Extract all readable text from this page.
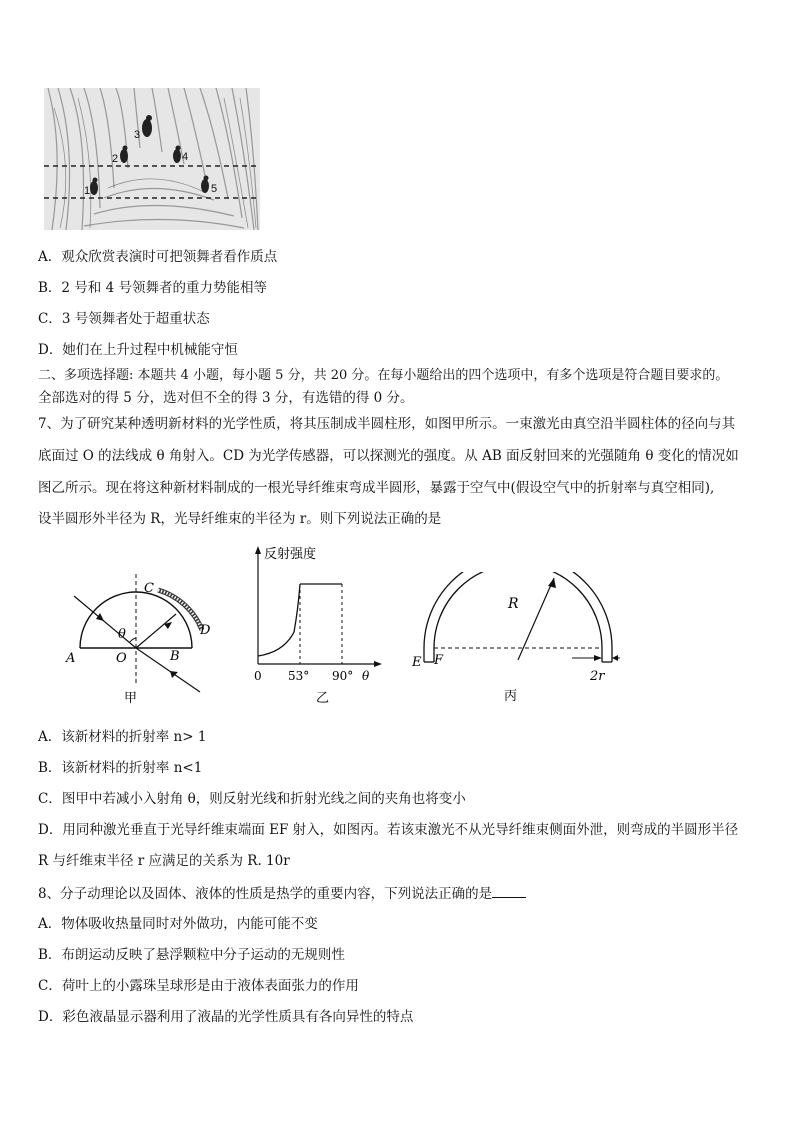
1
2
3
4
5
A．观众欣赏表演时可把领舞者看作质点
B．2 号和 4 号领舞者的重力势能相等
C．3 号领舞者处于超重状态
D．她们在上升过程中机械能守恒
二、多项选择题: 本题共 4 小题，每小题 5 分，共 20 分。在每小题给出的四个选项中，有多个选项是符合题目要求的。
全部选对的得 5 分，选对但不全的得 3 分，有选错的得 0 分。
7、为了研究某种透明新材料的光学性质，将其压制成半圆柱形，如图甲所示。一束激光由真空沿半圆柱体的径向与其
底面过 O 的法线成 θ 角射入。CD 为光学传感器，可以探测光的强度。从 AB 面反射回来的光强随角 θ 变化的情况如
图乙所示。现在将这种新材料制成的一根光导纤维束弯成半圆形，暴露于空气中(假设空气中的折射率与真空相同),
设半圆形外半径为 R，光导纤维束的半径为 r。则下列说法正确的是
C
θ	D
A	O	B
甲
反射强度
0 53° 90° θ
乙
R
E F
2r
丙
A．该新材料的折射率 n> 1
B．该新材料的折射率 n<1
C．图甲中若减小入射角 θ，则反射光线和折射光线之间的夹角也将变小
D．用同种激光垂直于光导纤维束端面 EF 射入，如图丙。若该束激光不从光导纤维束侧面外泄，则弯成的半圆形半径
R 与纤维束半径 r 应满足的关系为 R. 10r
8、分子动理论以及固体、液体的性质是热学的重要内容，下列说法正确的是
A．物体吸收热量同时对外做功，内能可能不变
B．布朗运动反映了悬浮颗粒中分子运动的无规则性
C．荷叶上的小露珠呈球形是由于液体表面张力的作用
D．彩色液晶显示器利用了液晶的光学性质具有各向异性的特点
